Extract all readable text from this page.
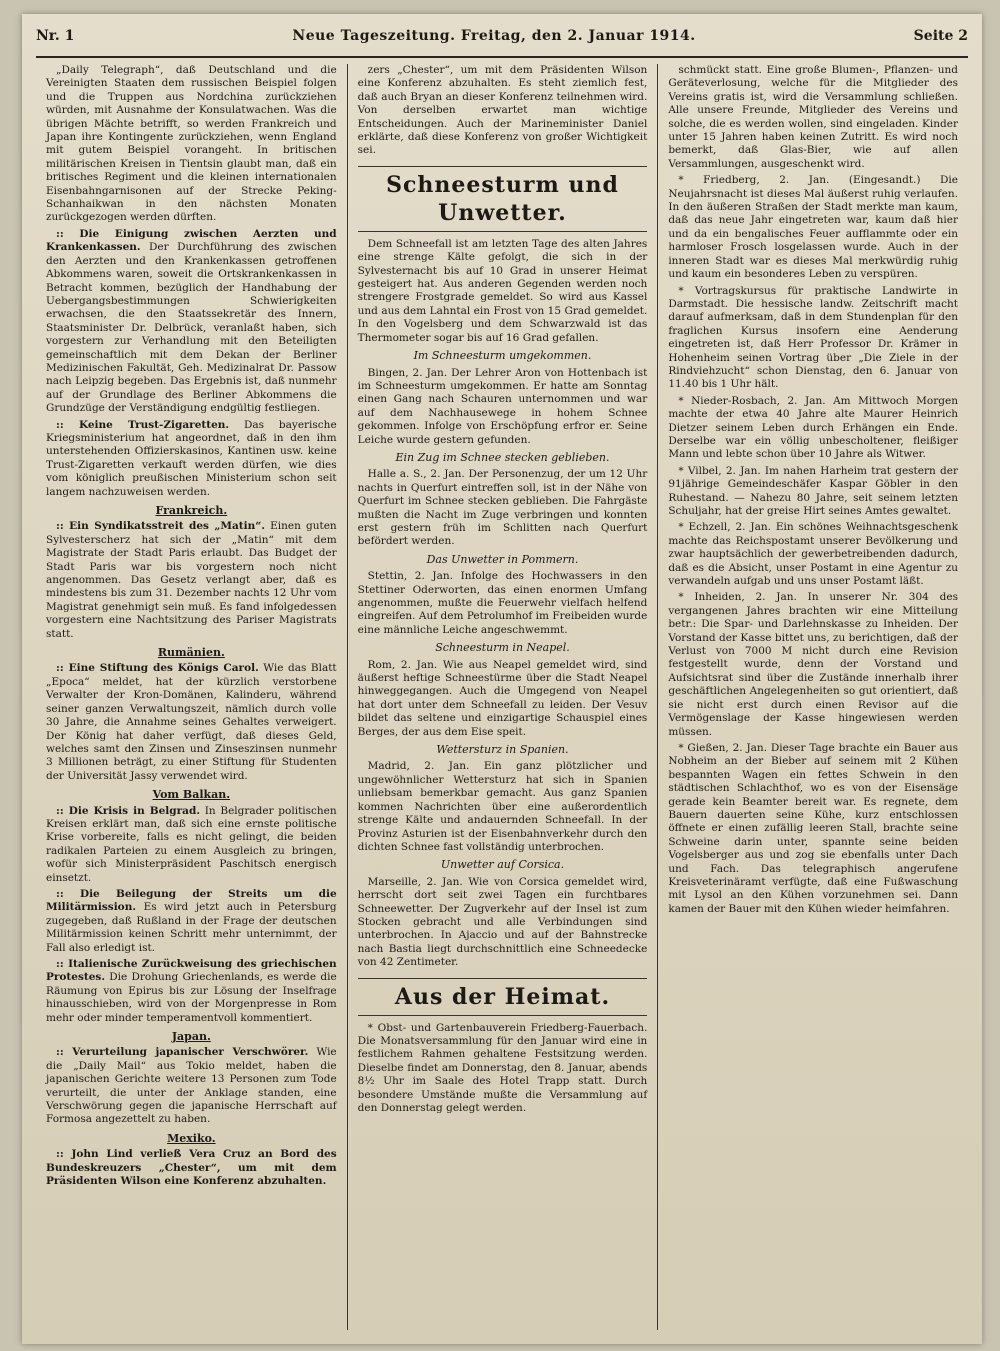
Nr. 1	Neue Tageszeitung. Freitag, den 2. Januar 1914.	Seite 2

„Daily Telegraph“, daß Deutschland und die Vereinigten Staaten dem russischen Beispiel folgen und die Truppen aus Nordchina zurückziehen würden, mit Ausnahme der Konsulatwachen. Was die übrigen Mächte betrifft, so werden Frankreich und Japan ihre Kontingente zurückziehen, wenn England mit gutem Beispiel vorangeht. In britischen militärischen Kreisen in Tientsin glaubt man, daß ein britisches Regiment und die kleinen internationalen Eisenbahngarnisonen auf der Strecke Peking-Schanhaikwan in den nächsten Monaten zurückgezogen werden dürften.

:: Die Einigung zwischen Aerzten und Krankenkassen. Der Durchführung des zwischen den Aerzten und den Krankenkassen getroffenen Abkommens waren, soweit die Ortskrankenkassen in Betracht kommen, bezüglich der Handhabung der Uebergangsbestimmungen Schwierigkeiten erwachsen, die den Staatssekretär des Innern, Staatsminister Dr. Delbrück, veranlaßt haben, sich vorgestern zur Verhandlung mit den Beteiligten gemeinschaftlich mit dem Dekan der Berliner Medizinischen Fakultät, Geh. Medizinalrat Dr. Passow nach Leipzig begeben. Das Ergebnis ist, daß nunmehr auf der Grundlage des Berliner Abkommens die Grundzüge der Verständigung endgültig festliegen.

:: Keine Trust-Zigaretten. Das bayerische Kriegsministerium hat angeordnet, daß in den ihm unterstehenden Offizierskasinos, Kantinen usw. keine Trust-Zigaretten verkauft werden dürfen, wie dies vom königlich preußischen Ministerium schon seit langem nachzuweisen werden.

Frankreich.

:: Ein Syndikatsstreit des „Matin“. Einen guten Sylvesterscherz hat sich der „Matin“ mit dem Magistrate der Stadt Paris erlaubt. Das Budget der Stadt Paris war bis vorgestern noch nicht angenommen. Das Gesetz verlangt aber, daß es mindestens bis zum 31. Dezember nachts 12 Uhr vom Magistrat genehmigt sein muß. Es fand infolgedessen vorgestern eine Nachtsitzung des Pariser Magistrats statt.

Rumänien.

:: Eine Stiftung des Königs Carol. Wie das Blatt „Epoca“ meldet, hat der kürzlich verstorbene Verwalter der Kron-Domänen, Kalinderu, während seiner ganzen Verwaltungszeit, nämlich durch volle 30 Jahre, die Annahme seines Gehaltes verweigert. Der König hat daher verfügt, daß dieses Geld, welches samt den Zinsen und Zinseszinsen nunmehr 3 Millionen beträgt, zu einer Stiftung für Studenten der Universität Jassy verwendet wird.

Vom Balkan.

:: Die Krisis in Belgrad. In Belgrader politischen Kreisen erklärt man, daß sich eine ernste politische Krise vorbereite, falls es nicht gelingt, die beiden radikalen Parteien zu einem Ausgleich zu bringen, wofür sich Ministerpräsident Paschitsch energisch einsetzt.

:: Die Beilegung der Streits um die Militärmission. Es wird jetzt auch in Petersburg zugegeben, daß Rußland in der Frage der deutschen Militärmission keinen Schritt mehr unternimmt, der Fall also erledigt ist.

:: Italienische Zurückweisung des griechischen Protestes. Die Drohung Griechenlands, es werde die Räumung von Epirus bis zur Lösung der Inselfrage hinausschieben, wird von der Morgenpresse in Rom mehr oder minder temperamentvoll kommentiert.

Japan.

:: Verurteilung japanischer Verschwörer. Wie die „Daily Mail“ aus Tokio meldet, haben die japanischen Gerichte weitere 13 Personen zum Tode verurteilt, die unter der Anklage standen, eine Verschwörung gegen die japanische Herrschaft auf Formosa angezettelt zu haben.

Mexiko.

:: John Lind verließ Vera Cruz an Bord des Bundeskreuzers „Chester“, um mit dem Präsidenten Wilson eine Konferenz abzuhalten.

zers „Chester“, um mit dem Präsidenten Wilson eine Konferenz abzuhalten. Es steht ziemlich fest, daß auch Bryan an dieser Konferenz teilnehmen wird. Von derselben erwartet man wichtige Entscheidungen. Auch der Marineminister Daniel erklärte, daß diese Konferenz von großer Wichtigkeit sei.

Schneesturm und Unwetter.

Dem Schneefall ist am letzten Tage des alten Jahres eine strenge Kälte gefolgt, die sich in der Sylvesternacht bis auf 10 Grad in unserer Heimat gesteigert hat. Aus anderen Gegenden werden noch strengere Frostgrade gemeldet. So wird aus Kassel und aus dem Lahntal ein Frost von 15 Grad gemeldet. In den Vogelsberg und dem Schwarzwald ist das Thermometer sogar bis auf 16 Grad gefallen.

Im Schneesturm umgekommen.

Bingen, 2. Jan. Der Lehrer Aron von Hottenbach ist im Schneesturm umgekommen. Er hatte am Sonntag einen Gang nach Schauren unternommen und war auf dem Nachhausewege in hohem Schnee gekommen. Infolge von Erschöpfung erfror er. Seine Leiche wurde gestern gefunden.

Ein Zug im Schnee stecken geblieben.

Halle a. S., 2. Jan. Der Personenzug, der um 12 Uhr nachts in Querfurt eintreffen soll, ist in der Nähe von Querfurt im Schnee stecken geblieben. Die Fahrgäste mußten die Nacht im Zuge verbringen und konnten erst gestern früh im Schlitten nach Querfurt befördert werden.

Das Unwetter in Pommern.

Stettin, 2. Jan. Infolge des Hochwassers in den Stettiner Oderworten, das einen enormen Umfang angenommen, mußte die Feuerwehr vielfach helfend eingreifen. Auf dem Petrolumhof im Freibeiden wurde eine männliche Leiche angeschwemmt.

Schneesturm in Neapel.

Rom, 2. Jan. Wie aus Neapel gemeldet wird, sind äußerst heftige Schneestürme über die Stadt Neapel hinweggegangen. Auch die Umgegend von Neapel hat dort unter dem Schneefall zu leiden. Der Vesuv bildet das seltene und einzigartige Schauspiel eines Berges, der aus dem Eise speit.

Wettersturz in Spanien.

Madrid, 2. Jan. Ein ganz plötzlicher und ungewöhnlicher Wettersturz hat sich in Spanien unliebsam bemerkbar gemacht. Aus ganz Spanien kommen Nachrichten über eine außerordentlich strenge Kälte und andauernden Schneefall. In der Provinz Asturien ist der Eisenbahnverkehr durch den dichten Schnee fast vollständig unterbrochen.

Unwetter auf Corsica.

Marseille, 2. Jan. Wie von Corsica gemeldet wird, herrscht dort seit zwei Tagen ein furchtbares Schneewetter. Der Zugverkehr auf der Insel ist zum Stocken gebracht und alle Verbindungen sind unterbrochen. In Ajaccio und auf der Bahnstrecke nach Bastia liegt durchschnittlich eine Schneedecke von 42 Zentimeter.

Aus der Heimat.

* Obst- und Gartenbauverein Friedberg-Fauerbach. Die Monatsversammlung für den Januar wird eine in festlichem Rahmen gehaltene Festsitzung werden. Dieselbe findet am Donnerstag, den 8. Januar, abends 8½ Uhr im Saale des Hotel Trapp statt. Durch besondere Umstände mußte die Versammlung auf den Donnerstag gelegt werden.

schmückt statt. Eine große Blumen-, Pflanzen- und Geräteverlosung, welche für die Mitglieder des Vereins gratis ist, wird die Versammlung schließen. Alle unsere Freunde, Mitglieder des Vereins und solche, die es werden wollen, sind eingeladen. Kinder unter 15 Jahren haben keinen Zutritt. Es wird noch bemerkt, daß Glas-Bier, wie auf allen Versammlungen, ausgeschenkt wird.

* Friedberg, 2. Jan. (Eingesandt.) Die Neujahrsnacht ist dieses Mal äußerst ruhig verlaufen. In den äußeren Straßen der Stadt merkte man kaum, daß das neue Jahr eingetreten war, kaum daß hier und da ein bengalisches Feuer aufflammte oder ein harmloser Frosch losgelassen wurde. Auch in der inneren Stadt war es dieses Mal merkwürdig ruhig und kaum ein besonderes Leben zu verspüren.

* Vortragskursus für praktische Landwirte in Darmstadt. Die hessische landw. Zeitschrift macht darauf aufmerksam, daß in dem Stundenplan für den fraglichen Kursus insofern eine Aenderung eingetreten ist, daß Herr Professor Dr. Krämer in Hohenheim seinen Vortrag über „Die Ziele in der Rindviehzucht“ schon Dienstag, den 6. Januar von 11.40 bis 1 Uhr hält.

* Nieder-Rosbach, 2. Jan. Am Mittwoch Morgen machte der etwa 40 Jahre alte Maurer Heinrich Dietzer seinem Leben durch Erhängen ein Ende. Derselbe war ein völlig unbescholtener, fleißiger Mann und lebte schon über 10 Jahre als Witwer.

* Vilbel, 2. Jan. Im nahen Harheim trat gestern der 91jährige Gemeindeschäfer Kaspar Göbler in den Ruhestand. — Nahezu 80 Jahre, seit seinem letzten Schuljahr, hat der greise Hirt seines Amtes gewaltet.

* Echzell, 2. Jan. Ein schönes Weihnachtsgeschenk machte das Reichspostamt unserer Bevölkerung und zwar hauptsächlich der gewerbetreibenden dadurch, daß es die Absicht, unser Postamt in eine Agentur zu verwandeln aufgab und uns unser Postamt läßt.

* Inheiden, 2. Jan. In unserer Nr. 304 des vergangenen Jahres brachten wir eine Mitteilung betr.: Die Spar- und Darlehnskasse zu Inheiden. Der Vorstand der Kasse bittet uns, zu berichtigen, daß der Verlust von 7000 M nicht durch eine Revision festgestellt wurde, denn der Vorstand und Aufsichtsrat sind über die Zustände innerhalb ihrer geschäftlichen Angelegenheiten so gut orientiert, daß sie nicht erst durch einen Revisor auf die Vermögenslage der Kasse hingewiesen werden müssen.

* Gießen, 2. Jan. Dieser Tage brachte ein Bauer aus Nobheim an der Bieber auf seinem mit 2 Kühen bespannten Wagen ein fettes Schwein in den städtischen Schlachthof, wo es von der Eisensäge gerade kein Beamter bereit war. Es regnete, dem Bauern dauerten seine Kühe, kurz entschlossen öffnete er einen zufällig leeren Stall, brachte seine Schweine darin unter, spannte seine beiden Vogelsberger aus und zog sie ebenfalls unter Dach und Fach. Das telegraphisch angerufene Kreisveterinäramt verfügte, daß eine Fußwaschung mit Lysol an den Kühen vorzunehmen sei. Dann kamen der Bauer mit den Kühen wieder heimfahren.
